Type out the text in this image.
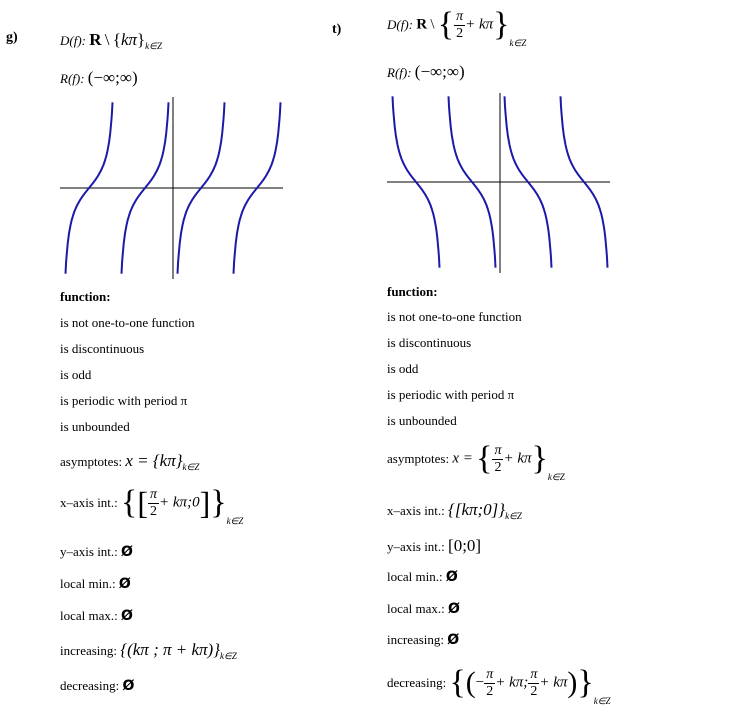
g)	D(f): R \ $\{k\pi\}_{k\in Z}$
R(f): (−∞;∞)
function:
is not one-to-one function
is discontinuous
is odd
is periodic with period π
is unbounded
asymptotes: $x = \{k\pi\}_{k\in Z}$
x–axis int.: {[ $\frac{\pi}{2}$ + $k\pi;0]\}_{k\in Z}$
y–axis int.: Ø
local min.: Ø
local max.: Ø
increasing: {(kπ ; $\pi + k\pi)\}_{k\in Z}$
decreasing: Ø
t)	D(f): R \ { $\frac{\pi}{2} + k\pi\}_{k\in Z}$
R(f): (−∞;∞)
function:
is not one-to-one function
is discontinuous
is odd
is periodic with period π
is unbounded
asymptotes: x = { $\frac{\pi}{2} + k\pi\}_{k\in Z}$
x–axis int.: $\{[k\pi;0]\}_{k\in Z}$
y–axis int.: [0;0]
local min.: Ø
local max.: Ø
increasing: Ø
decreasing: {(− $\frac{\pi}{2} + k\pi$; $\frac{\pi}{2} + k\pi)\}_{k\in Z}$
